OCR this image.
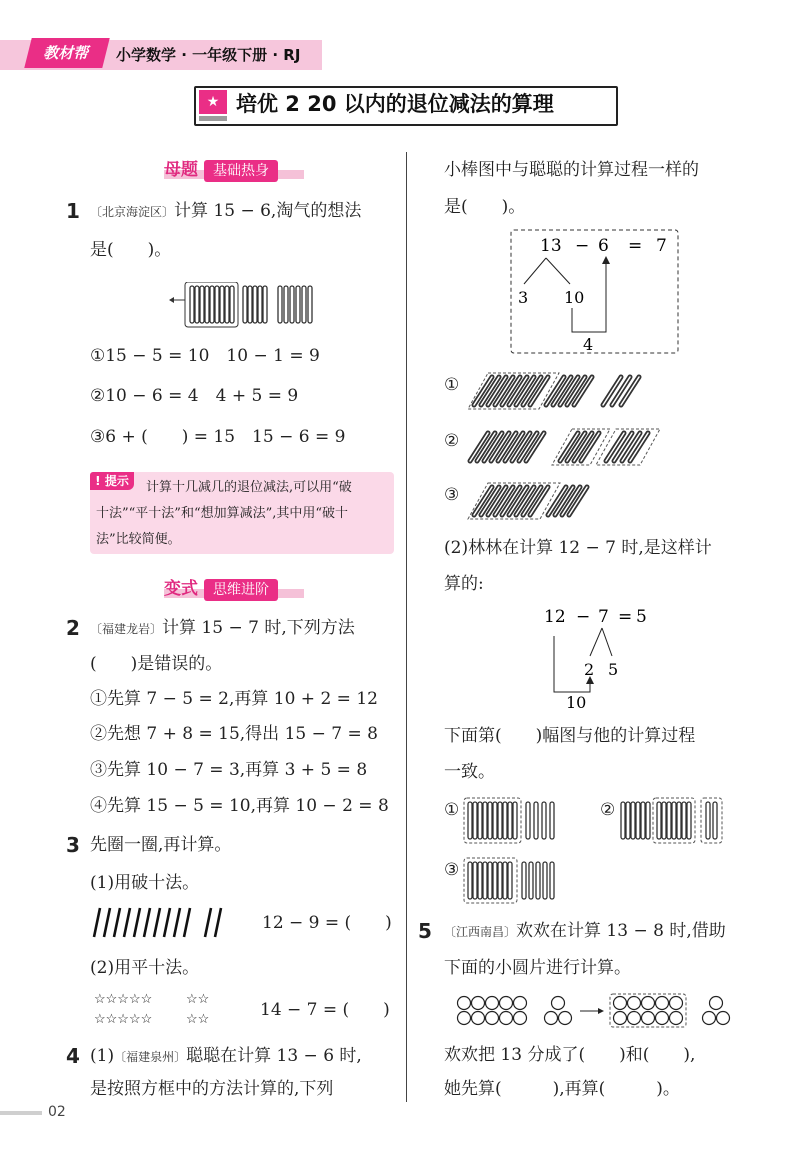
教材帮	小学数学 · 一年级下册 · RJ
★ 培优 2 20 以内的退位减法的算理
母题 基础热身
1 〔北京海淀区〕计算 15 − 6,淘气的想法
是(　　)。
①15 − 5 = 10　10 − 1 = 9
②10 − 6 = 4　4 + 5 = 9
③6 + (　　) = 15　15 − 6 = 9
! 提示	计算十几减几的退位减法,可以用“破
十法”“平十法”和“想加算减法”,其中用“破十
法”比较简便。
变式 思维进阶
2 〔福建龙岩〕计算 15 − 7 时,下列方法
(　　)是错误的。
①先算 7 − 5 = 2,再算 10 + 2 = 12
②先想 7 + 8 = 15,得出 15 − 7 = 8
③先算 10 − 7 = 3,再算 3 + 5 = 8
④先算 15 − 5 = 10,再算 10 − 2 = 8
3 先圈一圈,再计算。
(1)用破十法。
12 − 9 = (　　)
(2)用平十法。
☆☆☆☆☆	☆☆
☆☆☆☆☆	☆☆	14 − 7 = (　　)
4 (1)〔福建泉州〕聪聪在计算 13 − 6 时,
是按照方框中的方法计算的,下列
小棒图中与聪聪的计算过程一样的
是(　　)。
13 − 6 = 7
3 10
4
①
②
③
(2)林林在计算 12 − 7 时,是这样计
算的:
12 − 7 = 5
2 5
10
下面第(　　)幅图与他的计算过程
一致。
①	②
③
5 〔江西南昌〕欢欢在计算 13 − 8 时,借助
下面的小圆片进行计算。
欢欢把 13 分成了(　　)和(　　),
她先算(　　　),再算(　　　)。
02
